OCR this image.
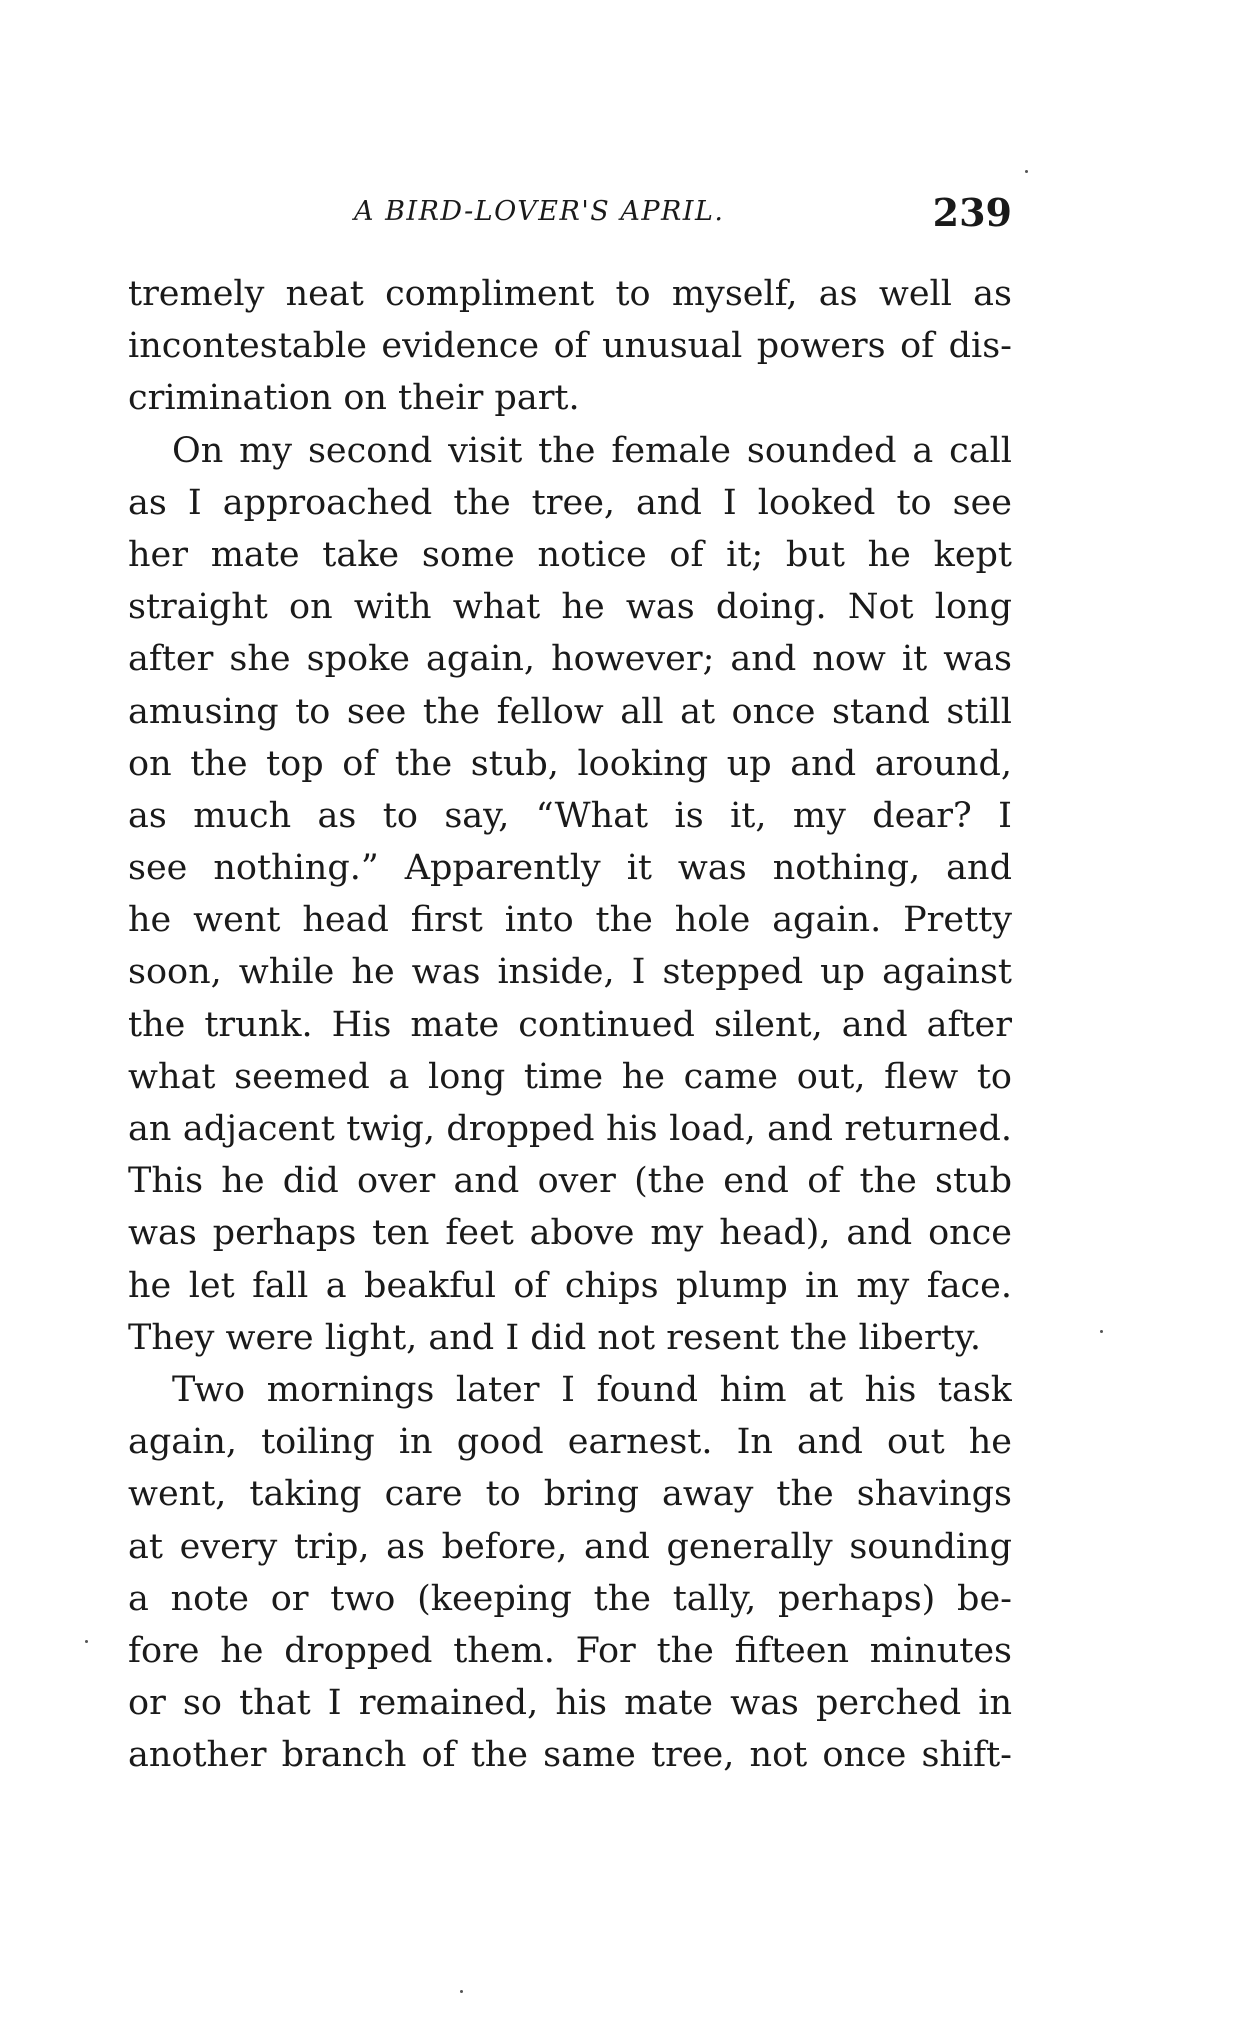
A BIRD-LOVER'S APRIL.	239
tremely neat compliment to myself, as well as
incontestable evidence of unusual powers of dis-
crimination on their part.
On my second visit the female sounded a call
as I approached the tree, and I looked to see
her mate take some notice of it; but he kept
straight on with what he was doing. Not long
after she spoke again, however; and now it was
amusing to see the fellow all at once stand still
on the top of the stub, looking up and around,
as much as to say, “What is it, my dear? I
see nothing.” Apparently it was nothing, and
he went head first into the hole again. Pretty
soon, while he was inside, I stepped up against
the trunk. His mate continued silent, and after
what seemed a long time he came out, flew to
an adjacent twig, dropped his load, and returned.
This he did over and over (the end of the stub
was perhaps ten feet above my head), and once
he let fall a beakful of chips plump in my face.
They were light, and I did not resent the liberty.
Two mornings later I found him at his task
again, toiling in good earnest. In and out he
went, taking care to bring away the shavings
at every trip, as before, and generally sounding
a note or two (keeping the tally, perhaps) be-
fore he dropped them. For the fifteen minutes
or so that I remained, his mate was perched in
another branch of the same tree, not once shift-
